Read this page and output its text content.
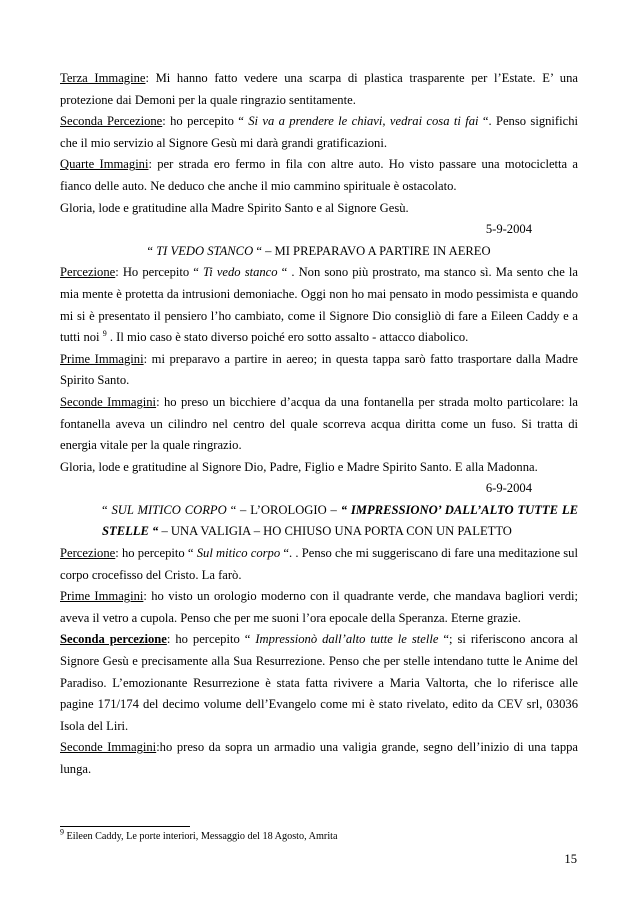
Terza Immagine: Mi hanno fatto vedere una scarpa di plastica trasparente per l’Estate. E’ una protezione dai Demoni per la quale ringrazio sentitamente.

Seconda Percezione: ho percepito “ Si va a prendere le chiavi, vedrai cosa ti fai “. Penso significhi che il mio servizio al Signore Gesù mi darà grandi gratificazioni.

Quarte Immagini: per strada ero fermo in fila con altre auto. Ho visto passare una motocicletta a fianco delle auto. Ne deduco che anche il mio cammino spirituale è ostacolato.

Gloria, lode e gratitudine alla Madre Spirito Santo e al Signore Gesù.

5-9-2004

“ TI VEDO STANCO “ – MI PREPARAVO A PARTIRE IN AEREO

Percezione: Ho percepito “ Ti vedo stanco “ . Non sono più prostrato, ma stanco sì. Ma sento che la mia mente è protetta da intrusioni demoniache. Oggi non ho mai pensato in modo pessimista e quando mi si è presentato il pensiero l’ho cambiato, come il Signore Dio consigliò di fare a Eileen Caddy e a tutti noi $^9$ . Il mio caso è stato diverso poiché ero sotto assalto - attacco diabolico.

Prime Immagini: mi preparavo a partire in aereo; in questa tappa sarò fatto trasportare dalla Madre Spirito Santo.

Seconde Immagini: ho preso un bicchiere d’acqua da una fontanella per strada molto particolare: la fontanella aveva un cilindro nel centro del quale scorreva acqua diritta come un fuso. Si tratta di energia vitale per la quale ringrazio.

Gloria, lode e gratitudine al Signore Dio, Padre, Figlio e Madre Spirito Santo. E alla Madonna.

6-9-2004

“ SUL MITICO CORPO “ – L’OROLOGIO – “ IMPRESSIONO’ DALL’ALTO TUTTE LE STELLE “ – UNA VALIGIA – HO CHIUSO UNA PORTA CON UN PALETTO

Percezione: ho percepito “ Sul mitico corpo “. . Penso che mi suggeriscano di fare una meditazione sul corpo crocefisso del Cristo. La farò.

Prime Immagini: ho visto un orologio moderno con il quadrante verde, che mandava bagliori verdi; aveva il vetro a cupola. Penso che per me suoni l’ora epocale della Speranza. Eterne grazie.

Seconda percezione: ho percepito “ Impressionò dall’alto tutte le stelle “; si riferiscono ancora al Signore Gesù e precisamente alla Sua Resurrezione. Penso che per stelle intendano tutte le Anime del Paradiso. L’emozionante Resurrezione è stata fatta rivivere a Maria Valtorta, che lo riferisce alle pagine 171/174 del decimo volume dell’Evangelo come mi è stato rivelato, edito da CEV srl, 03036 Isola del Liri.

Seconde Immagini:ho preso da sopra un armadio una valigia grande, segno dell’inizio di una tappa lunga.

$^9$ Eileen Caddy, Le porte interiori, Messaggio del 18 Agosto, Amrita
15
